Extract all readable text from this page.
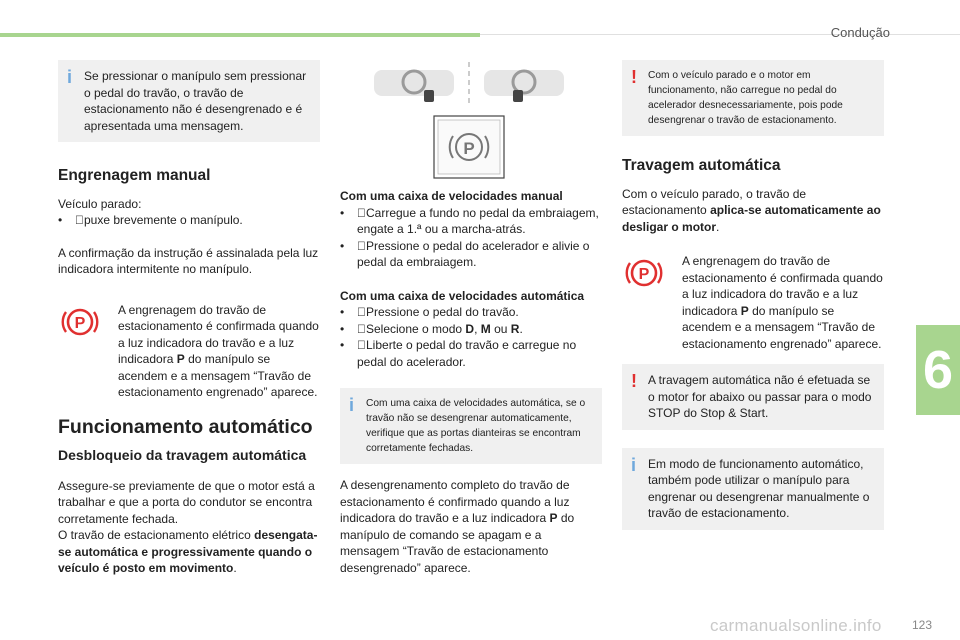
Condução
6
i Se pressionar o manípulo sem pressionar o pedal do travão, o travão de estacionamento não é desengrenado e é apresentada uma mensagem.

Engrenagem manual

Veículo parado:

• puxe brevemente o manípulo.

A confirmação da instrução é assinalada pela luz indicadora intermitente no manípulo.

P

A engrenagem do travão de estacionamento é confirmada quando a luz indicadora do travão e a luz indicadora P do manípulo se acendem e a mensagem “Travão de estacionamento engrenado” aparece.

Funcionamento automático
Desbloqueio da travagem automática

Assegure-se previamente de que o motor está a trabalhar e que a porta do condutor se encontra corretamente fechada.

O travão de estacionamento elétrico desengata-se automática e progressivamente quando o veículo é posto em movimento.

P

Com uma caixa de velocidades manual

• Carregue a fundo no pedal da embraiagem, engate a 1.ª ou a marcha-atrás.

• Pressione o pedal do acelerador e alivie o pedal da embraiagem.

Com uma caixa de velocidades automática

• Pressione o pedal do travão.

• Selecione o modo D, M ou R.

• Liberte o pedal do travão e carregue no pedal do acelerador.

i Com uma caixa de velocidades automática, se o travão não se desengrenar automaticamente, verifique que as portas dianteiras se encontram corretamente fechadas.

A desengrenamento completo do travão de estacionamento é confirmado quando a luz indicadora do travão e a luz indicadora P do manípulo de comando se apagam e a mensagem “Travão de estacionamento desengrenado” aparece.

! Com o veículo parado e o motor em funcionamento, não carregue no pedal do acelerador desnecessariamente, pois pode desengrenar o travão de estacionamento.

Travagem automática

Com o veículo parado, o travão de estacionamento aplica-se automaticamente ao desligar o motor.

P

A engrenagem do travão de estacionamento é confirmada quando a luz indicadora do travão e a luz indicadora P do manípulo se acendem e a mensagem “Travão de estacionamento engrenado” aparece.

! A travagem automática não é efetuada se o motor for abaixo ou passar para o modo STOP do Stop & Start.

i Em modo de funcionamento automático, também pode utilizar o manípulo para engrenar ou desengrenar manualmente o travão de estacionamento.

carmanualsonline.info	123
